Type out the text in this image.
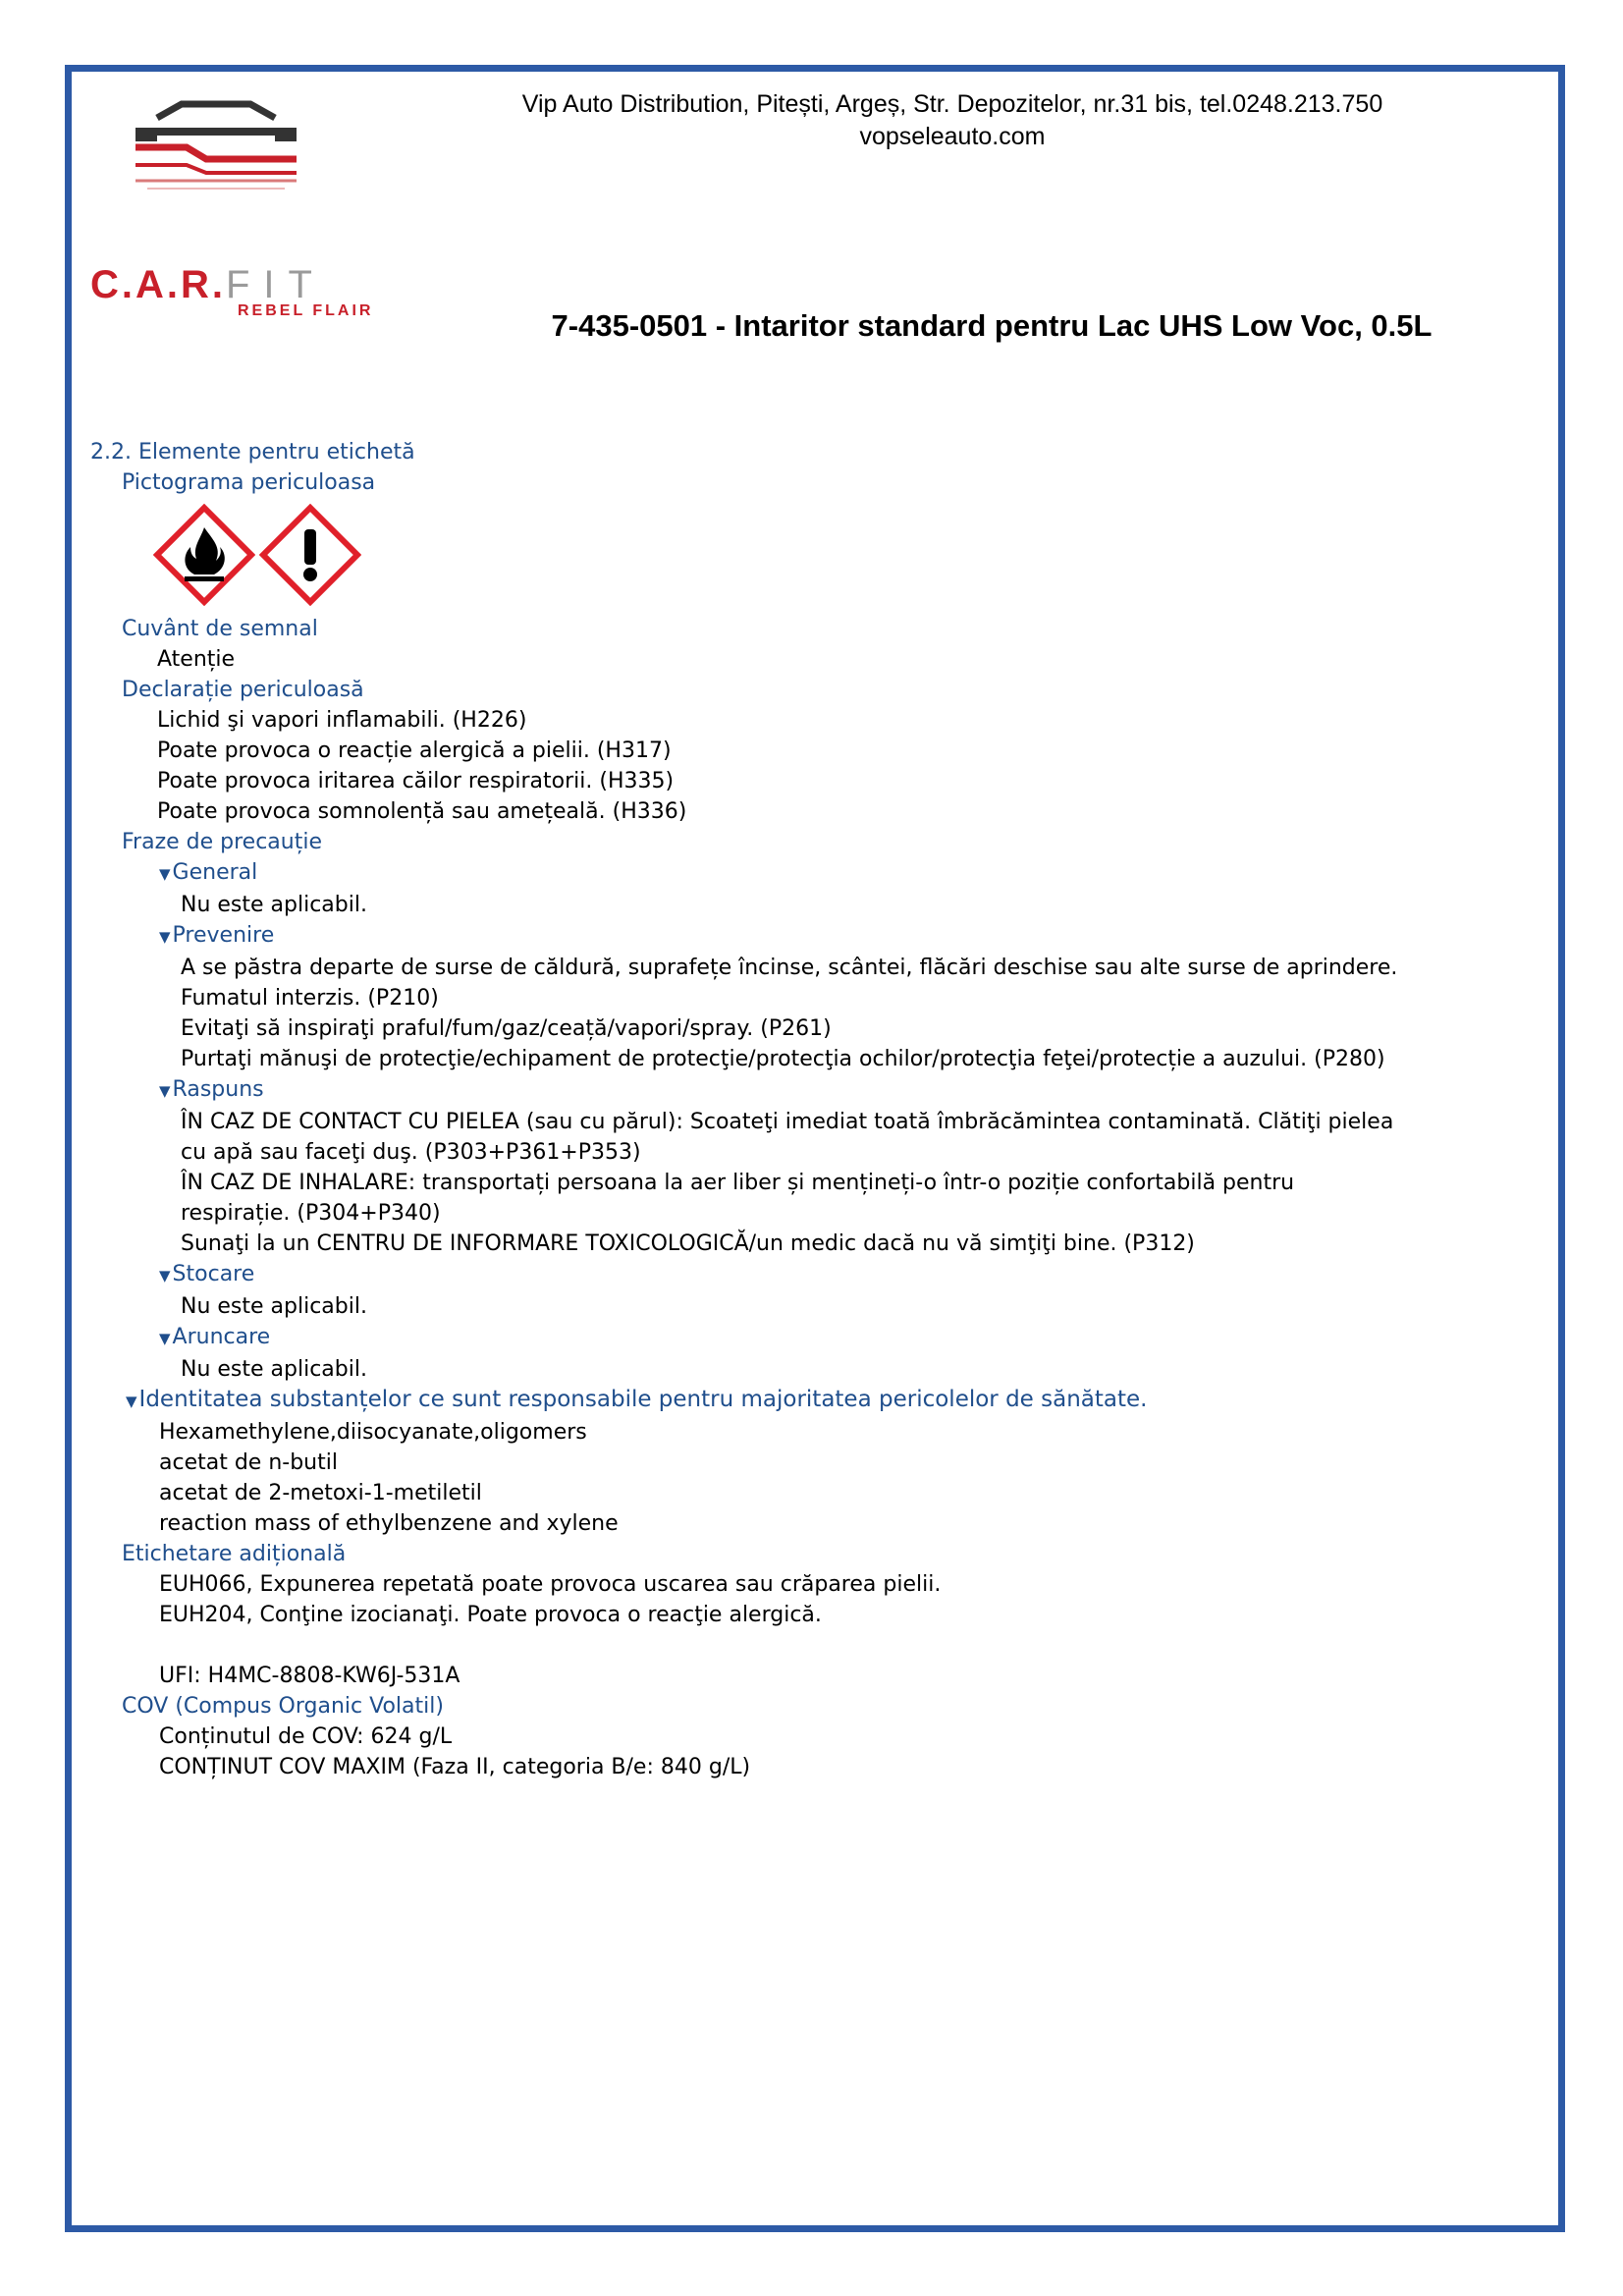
Vip Auto Distribution, Pitești, Argeș, Str. Depozitelor, nr.31 bis, tel.0248.213.750
vopseleauto.com
C.A.R.FIT
REBEL FLAIR	7-435-0501 - Intaritor standard pentru Lac UHS Low Voc, 0.5L
2.2. Elemente pentru etichetă
Pictograma periculoasa
Cuvânt de semnal
Atenție
Declarație periculoasă
Lichid şi vapori inflamabili. (H226)
Poate provoca o reacție alergică a pielii. (H317)
Poate provoca iritarea căilor respiratorii. (H335)
Poate provoca somnolență sau amețeală. (H336)
Fraze de precauție
▼General
Nu este aplicabil.
▼Prevenire
A se păstra departe de surse de căldură, suprafețe încinse, scântei, flăcări deschise sau alte surse de aprindere.
Fumatul interzis. (P210)
Evitaţi să inspiraţi praful/fum/gaz/ceață/vapori/spray. (P261)
Purtaţi mănuşi de protecţie/echipament de protecţie/protecţia ochilor/protecţia feţei/protecție a auzului. (P280)
▼Raspuns
ÎN CAZ DE CONTACT CU PIELEA (sau cu părul): Scoateţi imediat toată îmbrăcămintea contaminată. Clătiţi pielea
cu apă sau faceţi duş. (P303+P361+P353)
ÎN CAZ DE INHALARE: transportați persoana la aer liber și mențineți-o într-o poziție confortabilă pentru
respirație. (P304+P340)
Sunaţi la un CENTRU DE INFORMARE TOXICOLOGICĂ/un medic dacă nu vă simţiţi bine. (P312)
▼Stocare
Nu este aplicabil.
▼Aruncare
Nu este aplicabil.
▼Identitatea substanțelor ce sunt responsabile pentru majoritatea pericolelor de sănătate.
Hexamethylene,diisocyanate,oligomers
acetat de n-butil
acetat de 2-metoxi-1-metiletil
reaction mass of ethylbenzene and xylene
Etichetare adițională
EUH066, Expunerea repetată poate provoca uscarea sau crăparea pielii.
EUH204, Conţine izocianaţi. Poate provoca o reacţie alergică.
UFI: H4MC-8808-KW6J-531A
COV (Compus Organic Volatil)
Conținutul de COV: 624 g/L
CONȚINUT COV MAXIM (Faza II, categoria B/e: 840 g/L)
